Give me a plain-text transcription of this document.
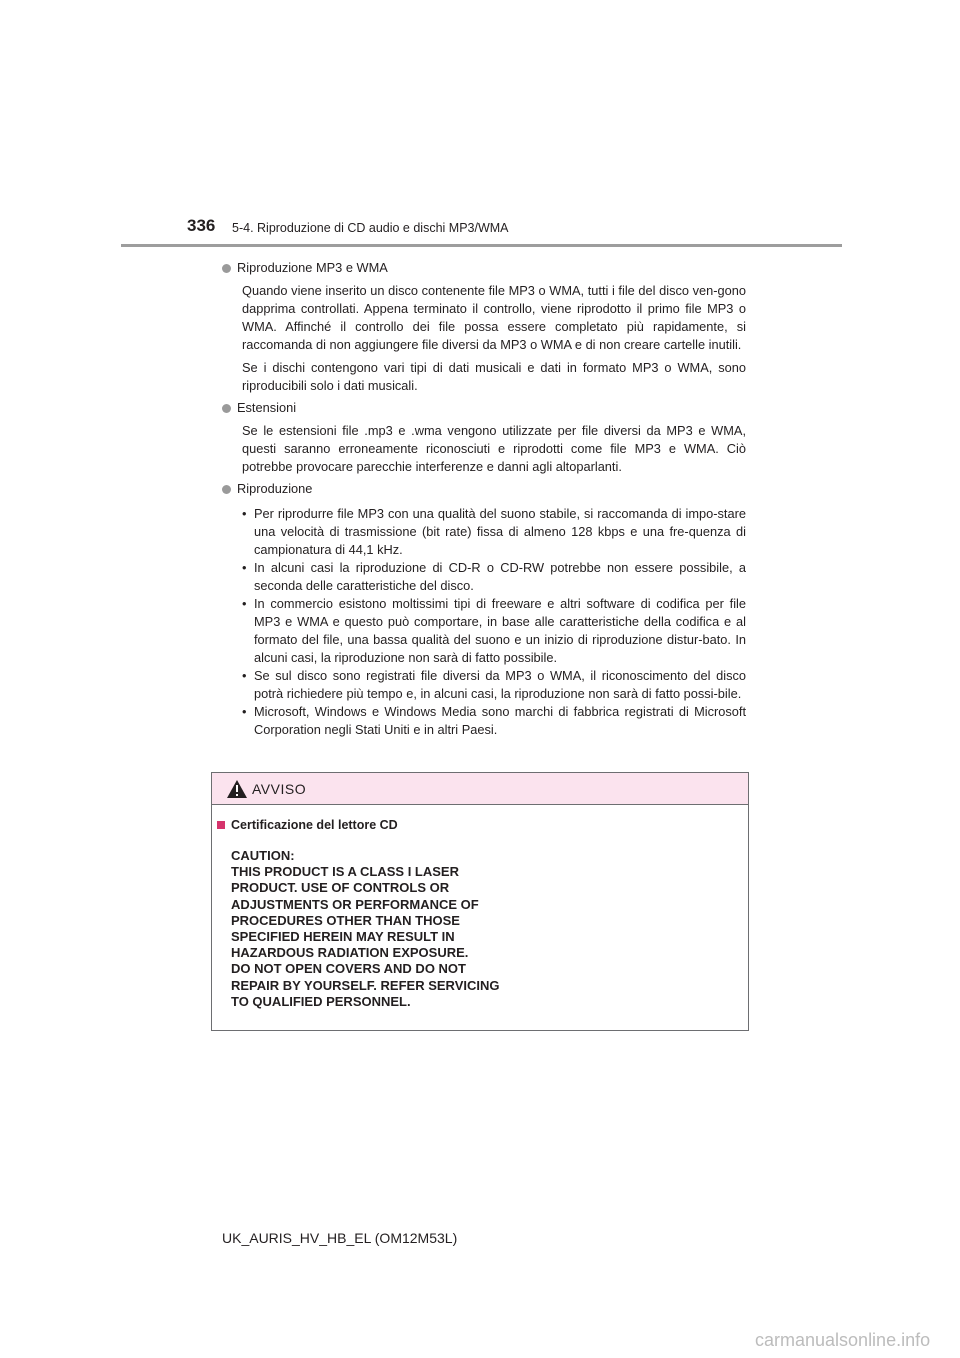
336 5-4. Riproduzione di CD audio e dischi MP3/WMA
Riproduzione MP3 e WMA

Quando viene inserito un disco contenente file MP3 o WMA, tutti i file del disco ven-gono dapprima controllati. Appena terminato il controllo, viene riprodotto il primo file MP3 o WMA. Affinché il controllo dei file possa essere completato più rapidamente, si raccomanda di non aggiungere file diversi da MP3 o WMA e di non creare cartelle inutili.

Se i dischi contengono vari tipi di dati musicali e dati in formato MP3 o WMA, sono riproducibili solo i dati musicali.

Estensioni

Se le estensioni file .mp3 e .wma vengono utilizzate per file diversi da MP3 e WMA, questi saranno erroneamente riconosciuti e riprodotti come file MP3 e WMA. Ciò potrebbe provocare parecchie interferenze e danni agli altoparlanti.

Riproduzione
• Per riprodurre file MP3 con una qualità del suono stabile, si raccomanda di impo-stare una velocità di trasmissione (bit rate) fissa di almeno 128 kbps e una fre-quenza di campionatura di 44,1 kHz.
• In alcuni casi la riproduzione di CD-R o CD-RW potrebbe non essere possibile, a seconda delle caratteristiche del disco.
• In commercio esistono moltissimi tipi di freeware e altri software di codifica per file MP3 e WMA e questo può comportare, in base alle caratteristiche della codifica e al formato del file, una bassa qualità del suono e un inizio di riproduzione distur-bato. In alcuni casi, la riproduzione non sarà di fatto possibile.
• Se sul disco sono registrati file diversi da MP3 o WMA, il riconoscimento del disco potrà richiedere più tempo e, in alcuni casi, la riproduzione non sarà di fatto possi-bile.
• Microsoft, Windows e Windows Media sono marchi di fabbrica registrati di Microsoft Corporation negli Stati Uniti e in altri Paesi.
AVVISO
Certificazione del lettore CD
CAUTION:
THIS PRODUCT IS A CLASS I LASER
PRODUCT. USE OF CONTROLS OR
ADJUSTMENTS OR PERFORMANCE OF
PROCEDURES OTHER THAN THOSE
SPECIFIED HEREIN MAY RESULT IN
HAZARDOUS RADIATION EXPOSURE.
DO NOT OPEN COVERS AND DO NOT
REPAIR BY YOURSELF. REFER SERVICING
TO QUALIFIED PERSONNEL.
UK_AURIS_HV_HB_EL (OM12M53L)
carmanualsonline.info
